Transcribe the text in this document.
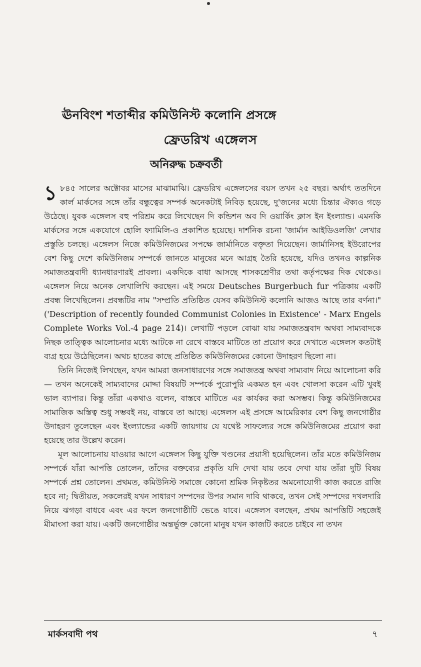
ঊনবিংশ শতাব্দীর কমিউনিস্ট কলোনি প্রসঙ্গে
ফ্রেডরিখ এঙ্গেলস
অনিরুদ্ধ চক্রবর্তী

১ ৮৪৫ সালের অক্টোবর মাসের মাঝামাঝি। ফ্রেডরিখ এঙ্গেলসের বয়স তখন ২৫ বছর। অর্থাৎ ততদিনে কার্ল মার্কসের সঙ্গে তাঁর বন্ধুত্বের সম্পর্ক অনেকটাই নিবিড় হয়েছে, দু'জনের মধ্যে চিন্তার ঐক্যও গড়ে উঠেছে। যুবক এঙ্গেলস বহু পরিশ্রম করে লিখেছেন দি কন্ডিশন অব দি ওয়ার্কিং ক্লাস ইন ইংল্যান্ড। এমনকি মার্কসের সঙ্গে একযোগে হোলি ফ্যামিলি-ও প্রকাশিত হয়েছে। দার্শনিক রচনা 'জার্মান আইডিওলজি' লেখার প্রস্তুতি চলছে। এঙ্গেলস নিজে কমিউনিজমের সপক্ষে জার্মানিতে বক্তৃতা দিয়েছেন। জার্মানিসহ ইউরোপের বেশ কিছু দেশে কমিউনিজম সম্পর্কে জানতে মানুষের মনে আগ্রহ তৈরি হয়েছে, যদিও তখনও কাল্পনিক সমাজতন্ত্রবাদী ধ্যানধারণারই প্রাবল্য। একদিকে বাধা আসছে শাসকশ্রেণীর তথা কর্তৃপক্ষের দিক থেকেও। এঙ্গেলস নিয়ে অনেক লেখালিখি করছেন। এই সময়ে Deutsches Burgerbuch fur পত্রিকায় একটি প্রবন্ধ লিখেছিলেন। প্রবন্ধটির নাম "সম্প্রতি প্রতিষ্ঠিত যেসব কমিউনিস্ট কলোনি আজও আছে তার বর্ণনা।" ('Description of recently founded Communist Colonies in Existence' - Marx Engels Complete Works Vol.-4 page 214)। লেখাটি পড়লে বোঝা যায় সমাজতন্ত্রবাদ অথবা সাম্যবাদকে নিছক তাত্ত্বিক আলোচনার মধ্যে আটকে না রেখে বাস্তবে মাটিতে তা প্রয়োগ করে দেখাতে এঙ্গেলস কতটাই ব্যগ্র হয়ে উঠেছিলেন। অথচ হাতের কাছে প্রতিষ্ঠিত কমিউনিজমের কোনো উদাহরণ ছিলো না।

তিনি নিজেই লিখছেন, যখন আমরা জনসাধারণের সঙ্গে সমাজতন্ত্র অথবা সাম্যবাদ নিয়ে আলোচনা করি — তখন অনেকেই সাম্যবাদের মোদ্দা বিষয়টি সম্পর্কে পুরোপুরি একমত হন এবং খোলসা করেন এটি খুবই ভাল ব্যাপার। কিন্তু তাঁরা একথাও বলেন, বাস্তবে মাটিতে এর কার্যকর করা অসম্ভব। কিন্তু কমিউনিজমের সামাজিক অস্তিত্ব শুধু সম্ভবই নয়, বাস্তবে তা আছে। এঙ্গেলস এই প্রসঙ্গে আমেরিকার বেশ কিছু জনগোষ্ঠীর উদাহরণ তুলেছেন এবং ইংল্যান্ডের একটি জায়গায় যে যথেষ্ট সাফল্যের সঙ্গে কমিউনিজমের প্রয়োগ করা হয়েছে তার উল্লেখ করেন।

মূল আলোচনায় যাওয়ার আগে এঙ্গেলস কিছু যুক্তি খণ্ডনের প্রয়াসী হয়েছিলেন। তাঁর মতে কমিউনিজম সম্পর্কে যাঁরা আপত্তি তোলেন, তাঁদের বক্তব্যের প্রকৃতি যদি দেখা যায় তবে দেখা যায় তাঁরা দুটি বিষয় সম্পর্কে প্রশ্ন তোলেন। প্রথমত, কমিউনিস্ট সমাজে কোনো শ্রমিক নিকৃষ্টতর অমনোযোগী কাজ করতে রাজি হবে না; দ্বিতীয়ত, সকলেরই যখন সাধারণ সম্পদের উপর সমান দাবি থাকবে, তখন সেই সম্পদের দখলদারি নিয়ে ঝগড়া বাধবে এবং এর ফলে জনগোষ্ঠীটি ভেঙে যাবে। এঙ্গেলস বলছেন, প্রথম আপত্তিটি সহজেই মীমাংসা করা যায়। একটি জনগোষ্ঠীর অন্তর্ভুক্ত কোনো মানুষ যখন কাজটি করতে চাইবে না তখন

মার্কসবাদী পথ	৭
